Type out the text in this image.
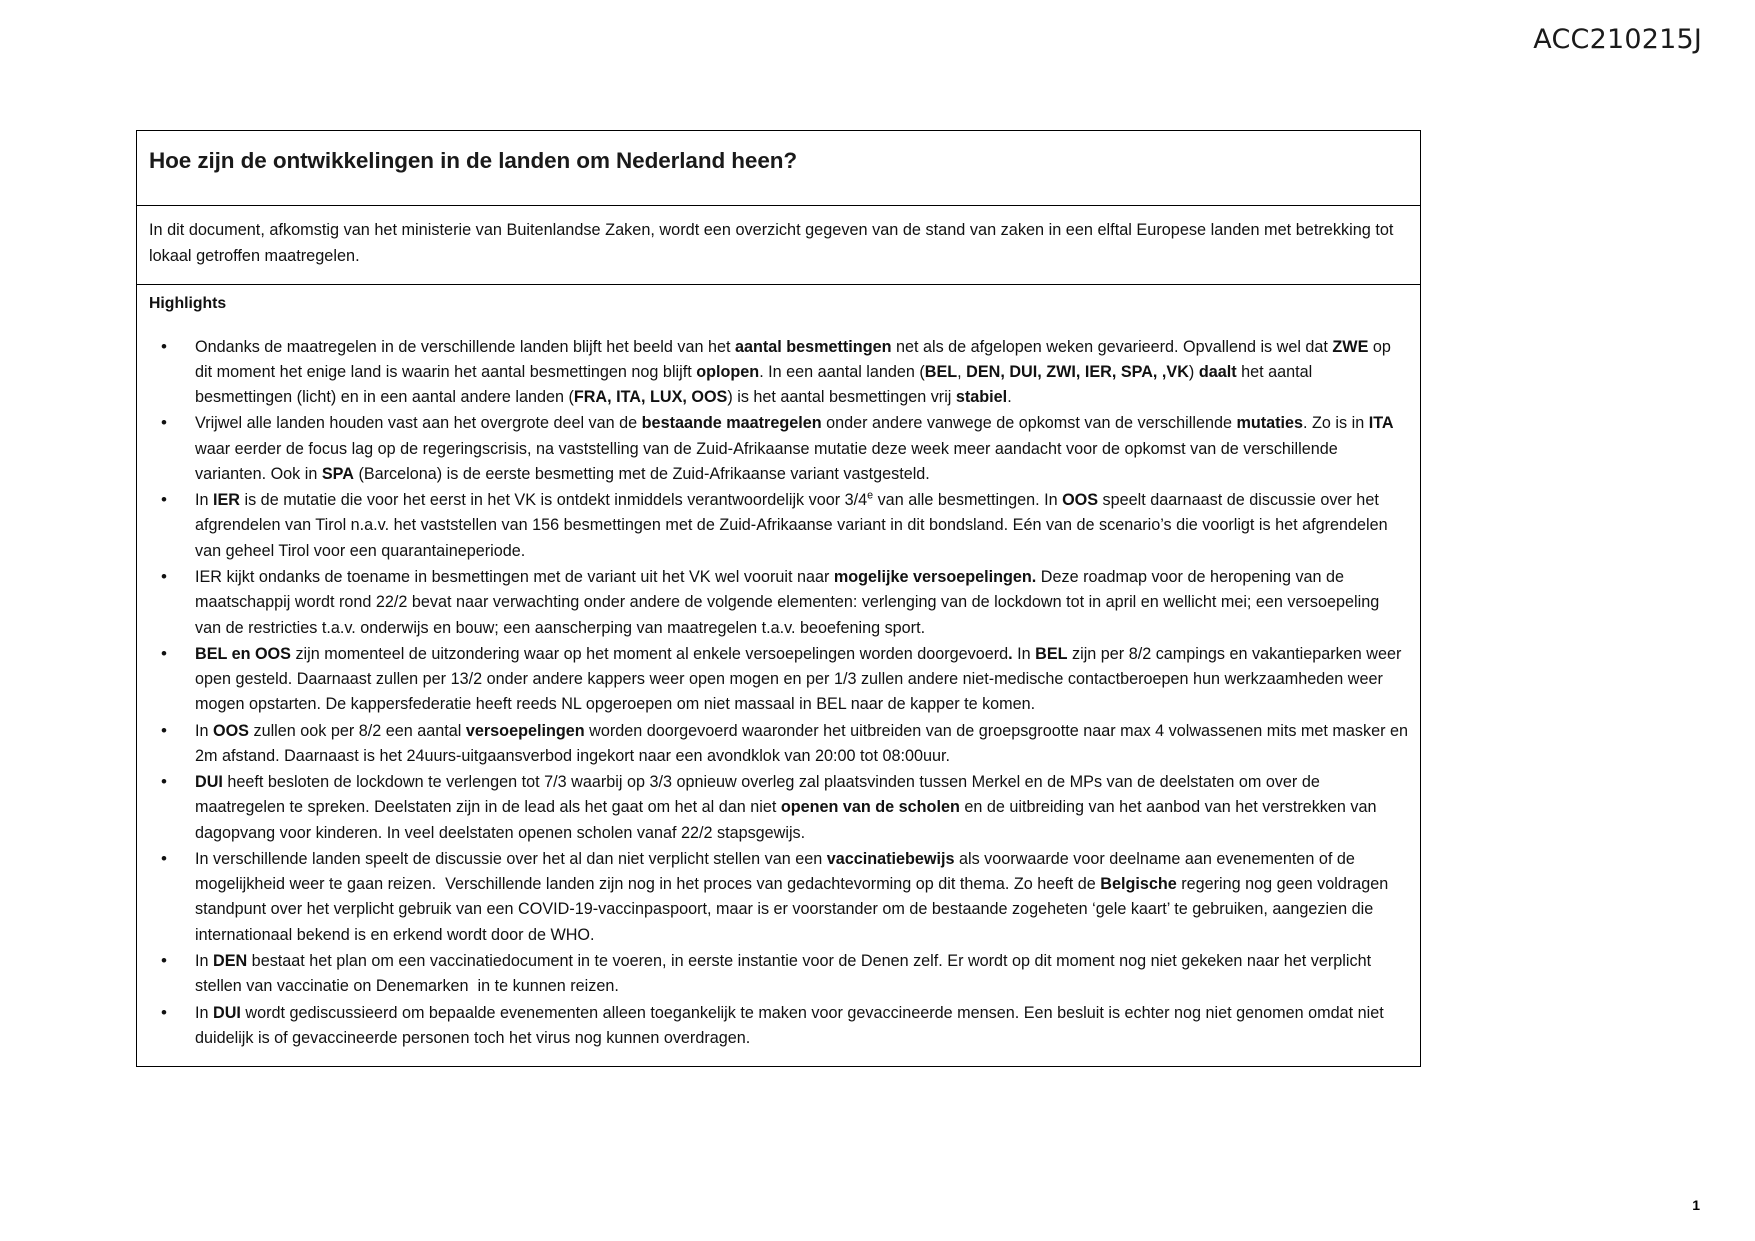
ACC210215J
Hoe zijn de ontwikkelingen in de landen om Nederland heen?
In dit document, afkomstig van het ministerie van Buitenlandse Zaken, wordt een overzicht gegeven van de stand van zaken in een elftal Europese landen met betrekking tot lokaal getroffen maatregelen.
Highlights
• Ondanks de maatregelen in de verschillende landen blijft het beeld van het aantal besmettingen net als de afgelopen weken gevarieerd. Opvallend is wel dat ZWE op dit moment het enige land is waarin het aantal besmettingen nog blijft oplopen. In een aantal landen (BEL, DEN, DUI, ZWI, IER, SPA, ,VK) daalt het aantal besmettingen (licht) en in een aantal andere landen (FRA, ITA, LUX, OOS) is het aantal besmettingen vrij stabiel.
• Vrijwel alle landen houden vast aan het overgrote deel van de bestaande maatregelen onder andere vanwege de opkomst van de verschillende mutaties. Zo is in ITA waar eerder de focus lag op de regeringscrisis, na vaststelling van de Zuid-Afrikaanse mutatie deze week meer aandacht voor de opkomst van de verschillende varianten. Ook in SPA (Barcelona) is de eerste besmetting met de Zuid-Afrikaanse variant vastgesteld.
• In IER is de mutatie die voor het eerst in het VK is ontdekt inmiddels verantwoordelijk voor 3/4e van alle besmettingen. In OOS speelt daarnaast de discussie over het afgrendelen van Tirol n.a.v. het vaststellen van 156 besmettingen met de Zuid-Afrikaanse variant in dit bondsland. Eén van de scenario’s die voorligt is het afgrendelen van geheel Tirol voor een quarantaineperiode.
• IER kijkt ondanks de toename in besmettingen met de variant uit het VK wel vooruit naar mogelijke versoepelingen. Deze roadmap voor de heropening van de maatschappij wordt rond 22/2 bevat naar verwachting onder andere de volgende elementen: verlenging van de lockdown tot in april en wellicht mei; een versoepeling van de restricties t.a.v. onderwijs en bouw; een aanscherping van maatregelen t.a.v. beoefening sport.
• BEL en OOS zijn momenteel de uitzondering waar op het moment al enkele versoepelingen worden doorgevoerd. In BEL zijn per 8/2 campings en vakantieparken weer open gesteld. Daarnaast zullen per 13/2 onder andere kappers weer open mogen en per 1/3 zullen andere niet-medische contactberoepen hun werkzaamheden weer mogen opstarten. De kappersfederatie heeft reeds NL opgeroepen om niet massaal in BEL naar de kapper te komen.
• In OOS zullen ook per 8/2 een aantal versoepelingen worden doorgevoerd waaronder het uitbreiden van de groepsgrootte naar max 4 volwassenen mits met masker en 2m afstand. Daarnaast is het 24uurs-uitgaansverbod ingekort naar een avondklok van 20:00 tot 08:00uur.
• DUI heeft besloten de lockdown te verlengen tot 7/3 waarbij op 3/3 opnieuw overleg zal plaatsvinden tussen Merkel en de MPs van de deelstaten om over de maatregelen te spreken. Deelstaten zijn in de lead als het gaat om het al dan niet openen van de scholen en de uitbreiding van het aanbod van het verstrekken van dagopvang voor kinderen. In veel deelstaten openen scholen vanaf 22/2 stapsgewijs.
• In verschillende landen speelt de discussie over het al dan niet verplicht stellen van een vaccinatiebewijs als voorwaarde voor deelname aan evenementen of de mogelijkheid weer te gaan reizen.  Verschillende landen zijn nog in het proces van gedachtevorming op dit thema. Zo heeft de Belgische regering nog geen voldragen standpunt over het verplicht gebruik van een COVID-19-vaccinpaspoort, maar is er voorstander om de bestaande zogeheten ‘gele kaart’ te gebruiken, aangezien die internationaal bekend is en erkend wordt door de WHO.
• In DEN bestaat het plan om een vaccinatiedocument in te voeren, in eerste instantie voor de Denen zelf. Er wordt op dit moment nog niet gekeken naar het verplicht stellen van vaccinatie on Denemarken  in te kunnen reizen.
• In DUI wordt gediscussieerd om bepaalde evenementen alleen toegankelijk te maken voor gevaccineerde mensen. Een besluit is echter nog niet genomen omdat niet duidelijk is of gevaccineerde personen toch het virus nog kunnen overdragen.
1
